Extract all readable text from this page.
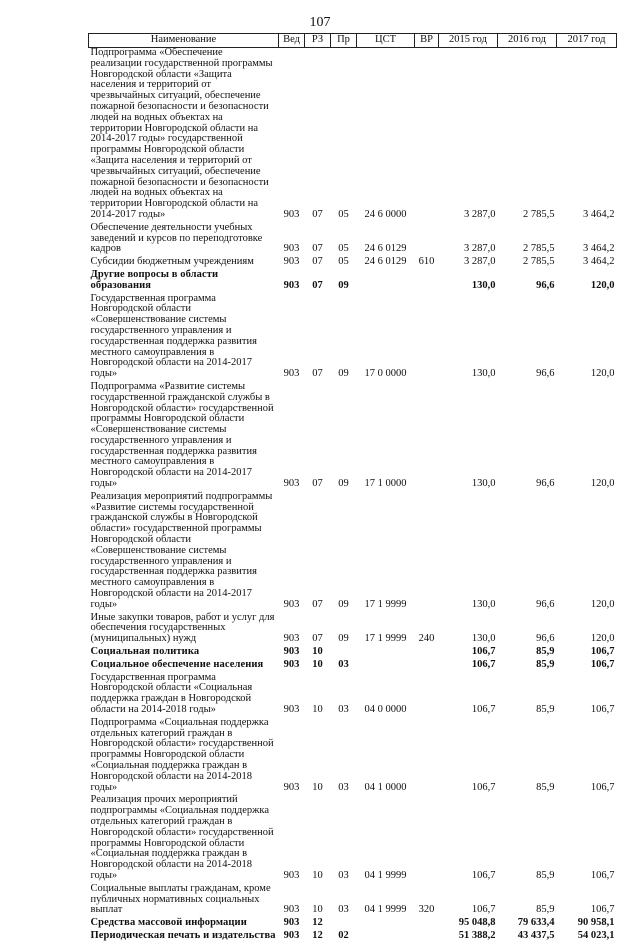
107
Наименование	Вед	РЗ	Пр	ЦСТ	ВР	2015 год	2016 год	2017 год
Подпрограмма «Обеспечение реализации государственной программы Новгородской области «Защита населения и территорий от чрезвычайных ситуаций, обеспечение пожарной безопасности и безопасности людей на водных объектах на территории Новгородской области на 2014-2017 годы» государственной программы Новгородской области «Защита населения и территорий от чрезвычайных ситуаций, обеспечение пожарной безопасности и безопасности людей на водных объектах на территории Новгородской области на 2014-2017 годы»	903	07	05	24 6 0000		3 287,0	2 785,5	3 464,2
Обеспечение деятельности учебных заведений и курсов по переподготовке кадров	903	07	05	24 6 0129		3 287,0	2 785,5	3 464,2
Субсидии бюджетным учреждениям	903	07	05	24 6 0129	610	3 287,0	2 785,5	3 464,2
Другие вопросы в области образования	903	07	09			130,0	96,6	120,0
Государственная программа Новгородской области «Совершенствование системы государственного управления и государственная поддержка развития местного самоуправления в Новгородской области на 2014-2017 годы»	903	07	09	17 0 0000		130,0	96,6	120,0
Подпрограмма «Развитие системы государственной гражданской службы в Новгородской области» государственной программы Новгородской области «Совершенствование системы государственного управления и государственная поддержка развития местного самоуправления в Новгородской области на 2014-2017 годы»	903	07	09	17 1 0000		130,0	96,6	120,0
Реализация мероприятий подпрограммы «Развитие системы государственной гражданской службы в Новгородской области» государственной программы Новгородской области «Совершенствование системы государственного управления и государственная поддержка развития местного самоуправления в Новгородской области на 2014-2017 годы»	903	07	09	17 1 9999		130,0	96,6	120,0
Иные закупки товаров, работ и услуг для обеспечения государственных (муниципальных) нужд	903	07	09	17 1 9999	240	130,0	96,6	120,0
Социальная политика	903	10				106,7	85,9	106,7
Социальное обеспечение населения	903	10	03			106,7	85,9	106,7
Государственная программа Новгородской области «Социальная поддержка граждан в Новгородской области на 2014-2018 годы»	903	10	03	04 0 0000		106,7	85,9	106,7
Подпрограмма «Социальная поддержка отдельных категорий граждан в Новгородской области» государственной программы Новгородской области «Социальная поддержка граждан в Новгородской области на 2014-2018 годы»	903	10	03	04 1 0000		106,7	85,9	106,7
Реализация прочих мероприятий подпрограммы «Социальная поддержка отдельных категорий граждан в Новгородской области» государственной программы Новгородской области «Социальная поддержка граждан в Новгородской области на 2014-2018 годы»	903	10	03	04 1 9999		106,7	85,9	106,7
Социальные выплаты гражданам, кроме публичных нормативных социальных выплат	903	10	03	04 1 9999	320	106,7	85,9	106,7
Средства массовой информации	903	12				95 048,8	79 633,4	90 958,1
Периодическая печать и издательства	903	12	02			51 388,2	43 437,5	54 023,1
